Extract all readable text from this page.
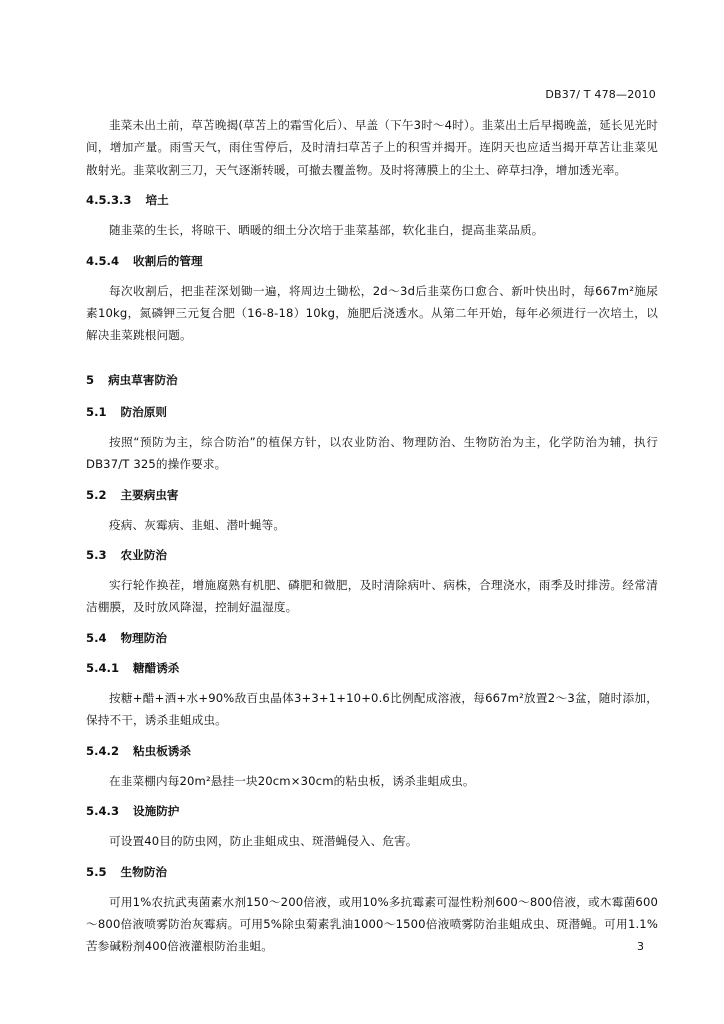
DB37/ T 478—2010

韭菜未出土前，草苫晚揭(草苫上的霜雪化后）、早盖（下午3时～4时）。韭菜出土后早揭晚盖，延长见光时间，增加产量。雨雪天气，雨住雪停后，及时清扫草苫子上的积雪并揭开。连阴天也应适当揭开草苫让韭菜见散射光。韭菜收割三刀，天气逐渐转暖，可撤去覆盖物。及时将薄膜上的尘土、碎草扫净，增加透光率。

4.5.3.3 培土

随韭菜的生长，将晾干、晒暖的细土分次培于韭菜基部，软化韭白，提高韭菜品质。

4.5.4 收割后的管理

每次收割后，把韭茬深划锄一遍，将周边土锄松，2d～3d后韭菜伤口愈合、新叶快出时，每667m²施尿素10kg，氮磷钾三元复合肥（16-8-18）10kg，施肥后浇透水。从第二年开始，每年必须进行一次培土，以解决韭菜跳根问题。

5 病虫草害防治
5.1 防治原则

按照“预防为主，综合防治”的植保方针，以农业防治、物理防治、生物防治为主，化学防治为辅，执行DB37/T 325的操作要求。

5.2 主要病虫害

疫病、灰霉病、韭蛆、潜叶蝇等。

5.3 农业防治

实行轮作换茬，增施腐熟有机肥、磷肥和微肥，及时清除病叶、病株，合理浇水，雨季及时排涝。经常清洁棚膜，及时放风降湿，控制好温湿度。

5.4 物理防治
5.4.1 糖醋诱杀

按糖+醋+酒+水+90%敌百虫晶体3+3+1+10+0.6比例配成溶液，每667m²放置2～3盆，随时添加，保持不干，诱杀韭蛆成虫。

5.4.2 粘虫板诱杀

在韭菜棚内每20m²悬挂一块20cm×30cm的粘虫板，诱杀韭蛆成虫。

5.4.3 设施防护

可设置40目的防虫网，防止韭蛆成虫、斑潜蝇侵入、危害。

5.5 生物防治

可用1%农抗武夷菌素水剂150～200倍液，或用10%多抗霉素可湿性粉剂600～800倍液，或木霉菌600～800倍液喷雾防治灰霉病。可用5%除虫菊素乳油1000～1500倍液喷雾防治韭蛆成虫、斑潜蝇。可用1.1%苦参碱粉剂400倍液灌根防治韭蛆。	3
